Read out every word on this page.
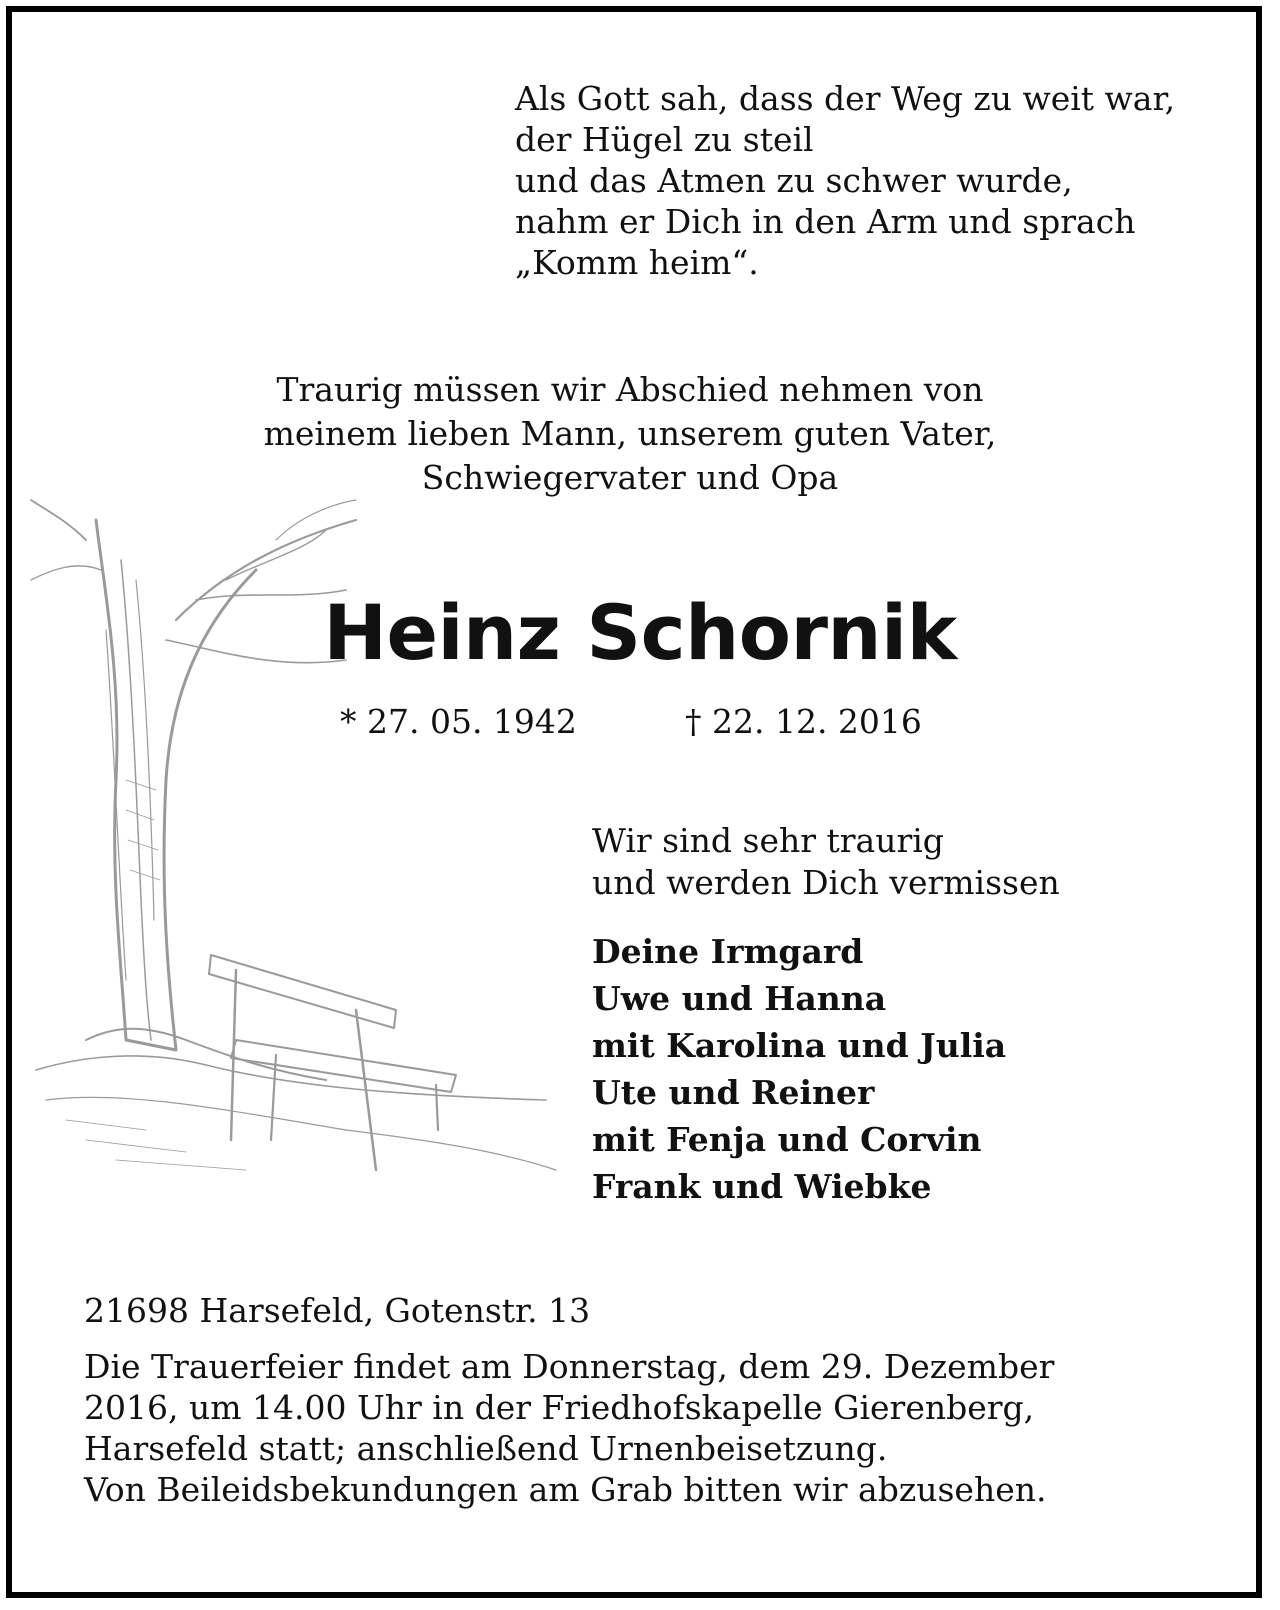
Als Gott sah, dass der Weg zu weit war,
der Hügel zu steil
und das Atmen zu schwer wurde,
nahm er Dich in den Arm und sprach
„Komm heim“.
Traurig müssen wir Abschied nehmen von
meinem lieben Mann, unserem guten Vater,
Schwiegervater und Opa
Heinz Schornik
* 27. 05. 1942	† 22. 12. 2016
Wir sind sehr traurig
und werden Dich vermissen
Deine Irmgard
Uwe und Hanna
mit Karolina und Julia
Ute und Reiner
mit Fenja und Corvin
Frank und Wiebke
21698 Harsefeld, Gotenstr. 13
Die Trauerfeier findet am Donnerstag, dem 29. Dezember
2016, um 14.00 Uhr in der Friedhofskapelle Gierenberg,
Harsefeld statt; anschließend Urnenbeisetzung.
Von Beileidsbekundungen am Grab bitten wir abzusehen.
